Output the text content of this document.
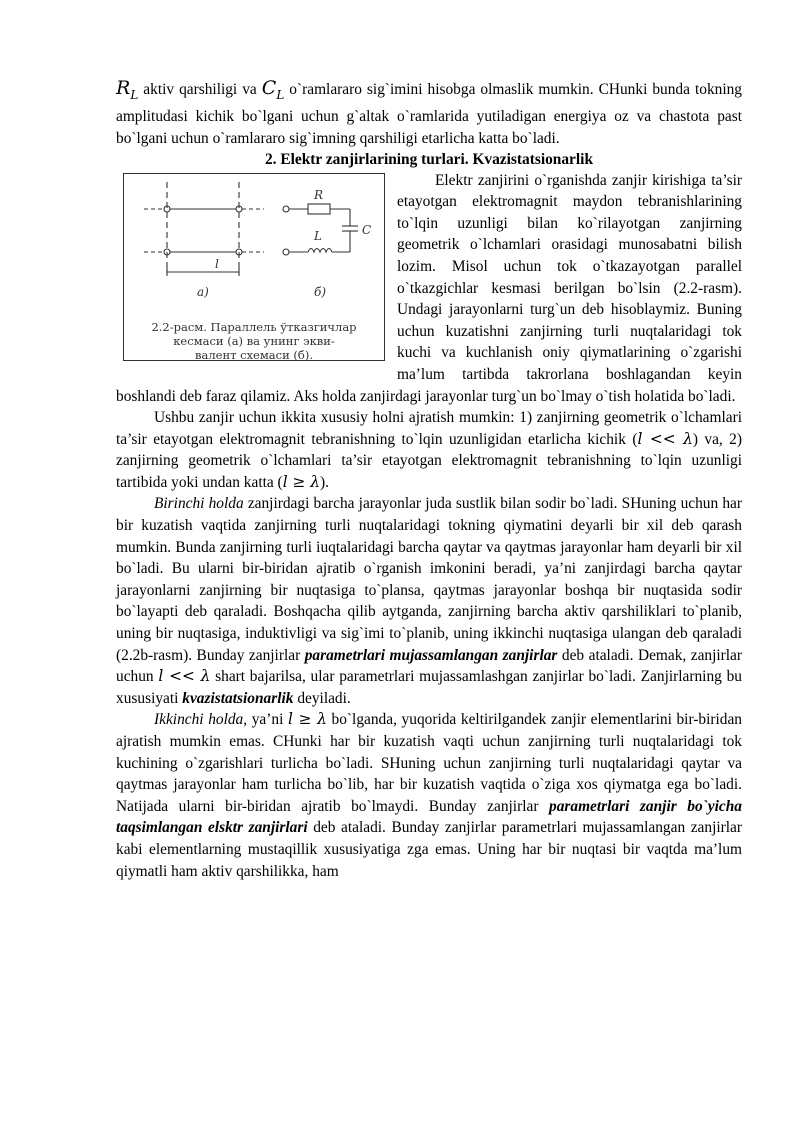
$R_L$ aktiv qarshiligi va $C_L$ o`ramlararo sig`imini hisobga olmaslik mumkin. CHunki bunda tokning amplitudasi kichik bo`lgani uchun g`altak o`ramlarida yutiladigan energiya oz va chastota past bo`lgani uchun o`ramlararo sig`imning qarshiligi etarlicha katta bo`ladi.

2. Elektr zanjirlarining turlari. Kvazistatsionarlik

l
а)	б)
R
L	C
2.2-расм. Параллель ўтказгичлар
кесмаси (а) ва унинг экви-
валент схемаси (б).

Elektr zanjirini o`rganishda zanjir kirishiga ta’sir etayotgan elektromagnit maydon tebranishlarining to`lqin uzunligi bilan ko`rilayotgan zanjirning geometrik o`lchamlari orasidagi munosabatni bilish lozim. Misol uchun tok o`tkazayotgan parallel o`tkazgichlar kesmasi berilgan bo`lsin (2.2-rasm). Undagi jarayonlarni turg`un deb hisoblaymiz. Buning uchun kuzatishni zanjirning turli nuqtalaridagi tok kuchi va kuchlanish oniy qiymatlarining o`zgarishi ma’lum tartibda takrorlana boshlagandan keyin boshlandi deb faraz qilamiz. Aks holda zanjirdagi jarayonlar turg`un bo`lmay o`tish holatida bo`ladi.

Ushbu zanjir uchun ikkita xususiy holni ajratish mumkin: 1) zanjirning geometrik o`lchamlari ta’sir etayotgan elektromagnit tebranishning to`lqin uzunligidan etarlicha kichik (l << λ) va, 2) zanjirning geometrik o`lchamlari ta’sir etayotgan elektromagnit tebranishning to`lqin uzunligi tartibida yoki undan katta (l ≥ λ).

Birinchi holda zanjirdagi barcha jarayonlar juda sustlik bilan sodir bo`ladi. SHuning uchun har bir kuzatish vaqtida zanjirning turli nuqtalaridagi tokning qiymatini deyarli bir xil deb qarash mumkin. Bunda zanjirning turli iuqtalaridagi barcha qaytar va qaytmas jarayonlar ham deyarli bir xil bo`ladi. Bu ularni bir-biridan ajratib o`rganish imkonini beradi, ya’ni zanjirdagi barcha qaytar jarayonlarni zanjirning bir nuqtasiga to`plansa, qaytmas jarayonlar boshqa bir nuqtasida sodir bo`layapti deb qaraladi. Boshqacha qilib aytganda, zanjirning barcha aktiv qarshiliklari to`planib, uning bir nuqtasiga, induktivligi va sig`imi to`planib, uning ikkinchi nuqtasiga ulangan deb qaraladi (2.2b-rasm). Bunday zanjirlar parametrlari mujassamlangan zanjirlar deb ataladi. Demak, zanjirlar uchun l << λ shart bajarilsa, ular parametrlari mujassamlashgan zanjirlar bo`ladi. Zanjirlarning bu xususiyati kvazistatsionarlik deyiladi.

Ikkinchi holda, ya’ni l ≥ λ bo`lganda, yuqorida keltirilgandek zanjir elementlarini bir-biridan ajratish mumkin emas. CHunki har bir kuzatish vaqti uchun zanjirning turli nuqtalaridagi tok kuchining o`zgarishlari turlicha bo`ladi. SHuning uchun zanjirning turli nuqtalaridagi qaytar va qaytmas jarayonlar ham turlicha bo`lib, har bir kuzatish vaqtida o`ziga xos qiymatga ega bo`ladi. Natijada ularni bir-biridan ajratib bo`lmaydi. Bunday zanjirlar parametrlari zanjir bo`yicha taqsimlangan elsktr zanjirlari deb ataladi. Bunday zanjirlar parametrlari mujassamlangan zanjirlar kabi elementlarning mustaqillik xususiyatiga zga emas. Uning har bir nuqtasi bir vaqtda ma’lum qiymatli ham aktiv qarshilikka, ham
